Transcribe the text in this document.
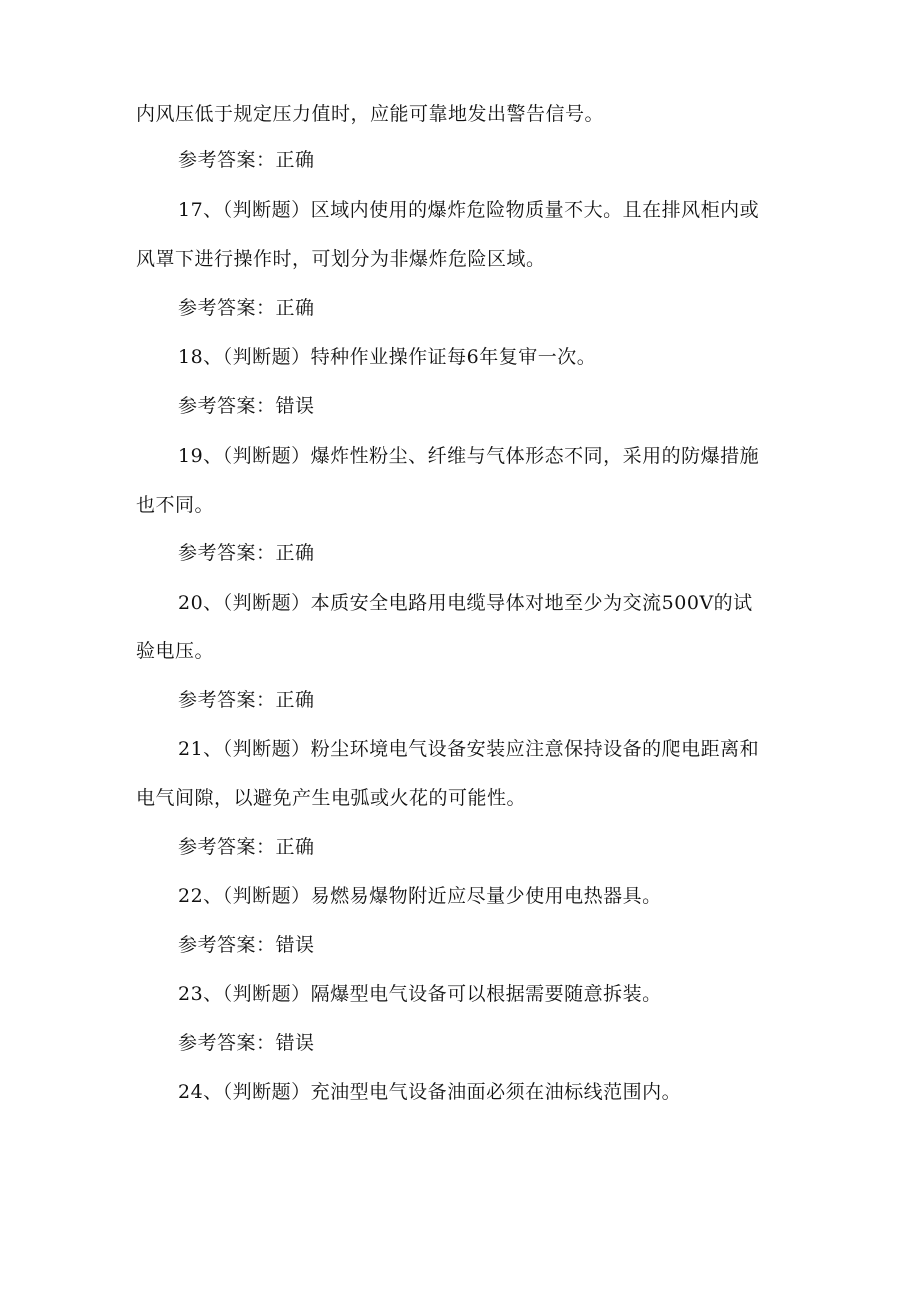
内风压低于规定压力值时，应能可靠地发出警告信号。
参考答案：正确
17、（判断题）区域内使用的爆炸危险物质量不大。且在排风柜内或
风罩下进行操作时，可划分为非爆炸危险区域。
参考答案：正确
18、（判断题）特种作业操作证每6年复审一次。
参考答案：错误
19、（判断题）爆炸性粉尘、纤维与气体形态不同，采用的防爆措施
也不同。
参考答案：正确
20、（判断题）本质安全电路用电缆导体对地至少为交流500V的试
验电压。
参考答案：正确
21、（判断题）粉尘环境电气设备安装应注意保持设备的爬电距离和
电气间隙，以避免产生电弧或火花的可能性。
参考答案：正确
22、（判断题）易燃易爆物附近应尽量少使用电热器具。
参考答案：错误
23、（判断题）隔爆型电气设备可以根据需要随意拆装。
参考答案：错误
24、（判断题）充油型电气设备油面必须在油标线范围内。
